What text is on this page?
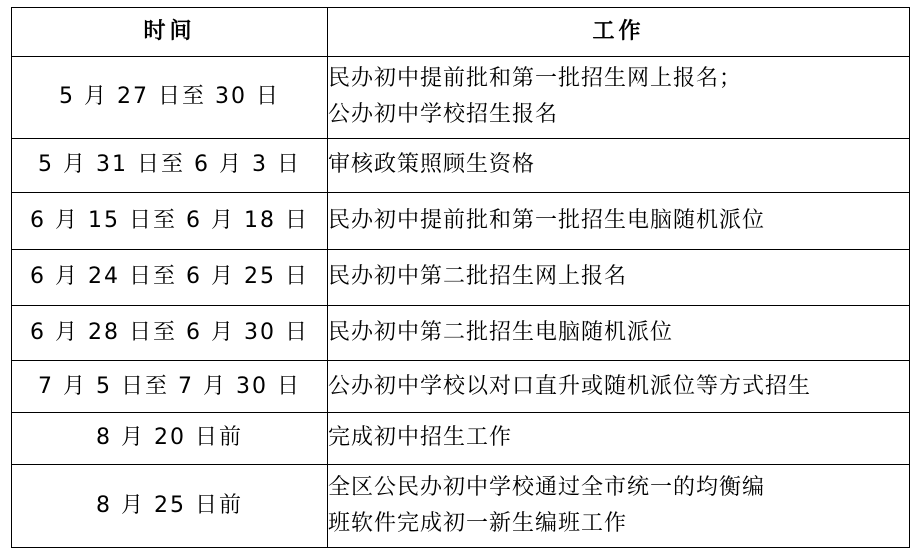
时间	工作
5 月 27 日至 30 日	民办初中提前批和第一批招生网上报名；
公办初中学校招生报名

5 月 31 日至 6 月 3 日	审核政策照顾生资格

6 月 15 日至 6 月 18 日	民办初中提前批和第一批招生电脑随机派位

6 月 24 日至 6 月 25 日	民办初中第二批招生网上报名

6 月 28 日至 6 月 30 日	民办初中第二批招生电脑随机派位

7 月 5 日至 7 月 30 日	公办初中学校以对口直升或随机派位等方式招生

8 月 20 日前	完成初中招生工作

8 月 25 日前	全区公民办初中学校通过全市统一的均衡编
班软件完成初一新生编班工作
